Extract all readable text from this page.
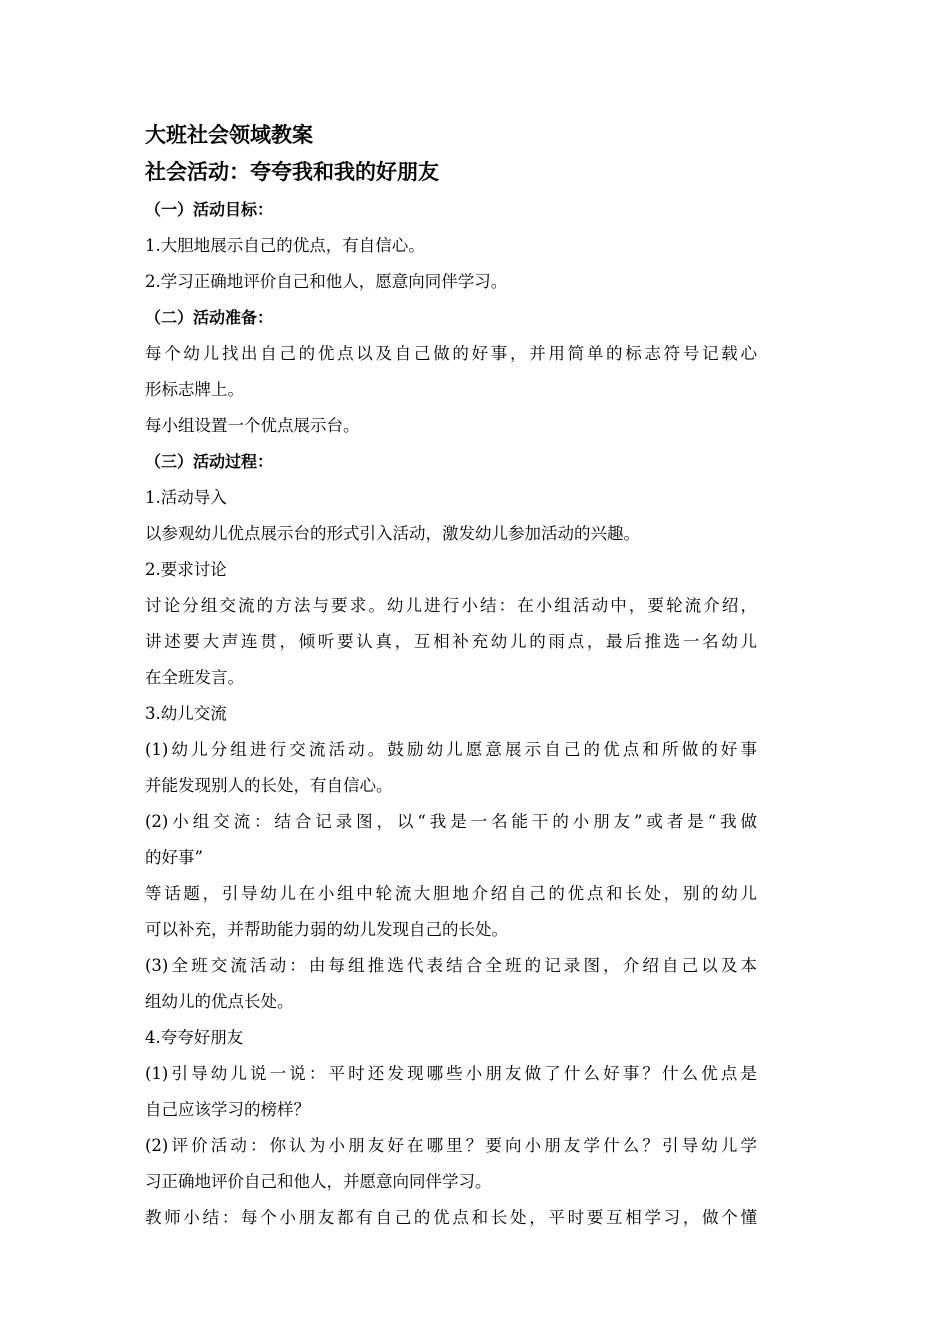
大班社会领域教案

社会活动：夸夸我和我的好朋友

（一）活动目标：

1.大胆地展示自己的优点，有自信心。

2.学习正确地评价自己和他人，愿意向同伴学习。

（二）活动准备：

每个幼儿找出自己的优点以及自己做的好事，并用简单的标志符号记载心

形标志牌上。

每小组设置一个优点展示台。

（三）活动过程：

1.活动导入

以参观幼儿优点展示台的形式引入活动，激发幼儿参加活动的兴趣。

2.要求讨论

讨论分组交流的方法与要求。幼儿进行小结：在小组活动中，要轮流介绍，

讲述要大声连贯，倾听要认真，互相补充幼儿的雨点，最后推选一名幼儿

在全班发言。

3.幼儿交流

(1)幼儿分组进行交流活动。鼓励幼儿愿意展示自己的优点和所做的好事

并能发现别人的长处，有自信心。

(2)小组交流：结合记录图，以“我是一名能干的小朋友”或者是“我做

的好事”

等话题，引导幼儿在小组中轮流大胆地介绍自己的优点和长处，别的幼儿

可以补充，并帮助能力弱的幼儿发现自己的长处。

(3)全班交流活动：由每组推选代表结合全班的记录图，介绍自己以及本

组幼儿的优点长处。

4.夸夸好朋友

(1)引导幼儿说一说：平时还发现哪些小朋友做了什么好事？什么优点是

自己应该学习的榜样？

(2)评价活动：你认为小朋友好在哪里？要向小朋友学什么？引导幼儿学

习正确地评价自己和他人，并愿意向同伴学习。

教师小结：每个小朋友都有自己的优点和长处，平时要互相学习，做个懂
